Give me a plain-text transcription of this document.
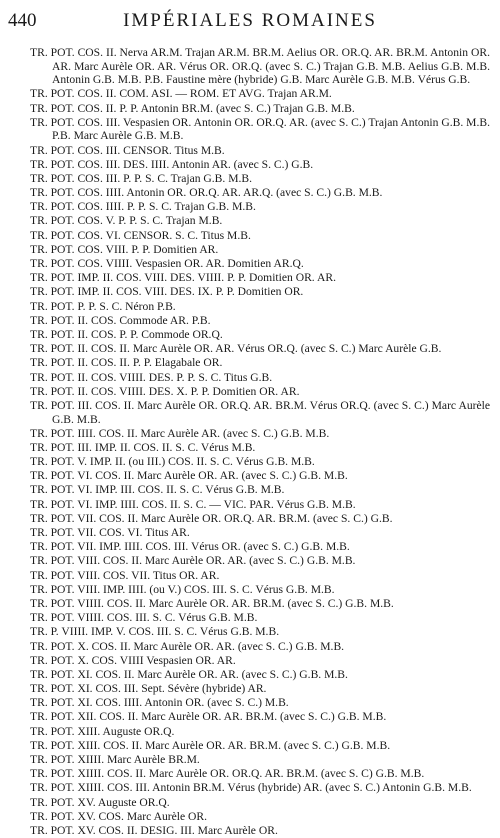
440	IMPÉRIALES ROMAINES

TR. POT. COS. II. Nerva AR.M. Trajan AR.M. BR.M. Aelius OR. OR.Q. AR. BR.M. Antonin OR. AR. Marc Aurèle OR. AR. Vérus OR. OR.Q. (avec S. C.) Trajan G.B. M.B. Aelius G.B. M.B. Antonin G.B. M.B. P.B. Faustine mère (hybride) G.B. Marc Aurèle G.B. M.B. Vérus G.B.

TR. POT. COS. II. COM. ASI. — ROM. ET AVG. Trajan AR.M.

TR. POT. COS. II. P. P. Antonin BR.M. (avec S. C.) Trajan G.B. M.B.

TR. POT. COS. III. Vespasien OR. Antonin OR. OR.Q. AR. (avec S. C.) Trajan Antonin G.B. M.B. P.B. Marc Aurèle G.B. M.B.

TR. POT. COS. III. CENSOR. Titus M.B.

TR. POT. COS. III. DES. IIII. Antonin AR. (avec S. C.) G.B.

TR. POT. COS. III. P. P. S. C. Trajan G.B. M.B.

TR. POT. COS. IIII. Antonin OR. OR.Q. AR. AR.Q. (avec S. C.) G.B. M.B.

TR. POT. COS. IIII. P. P. S. C. Trajan G.B. M.B.

TR. POT. COS. V. P. P. S. C. Trajan M.B.

TR. POT. COS. VI. CENSOR. S. C. Titus M.B.

TR. POT. COS. VIII. P. P. Domitien AR.

TR. POT. COS. VIIII. Vespasien OR. AR. Domitien AR.Q.

TR. POT. IMP. II. COS. VIII. DES. VIIII. P. P. Domitien OR. AR.

TR. POT. IMP. II. COS. VIII. DES. IX. P. P. Domitien OR.

TR. POT. P. P. S. C. Néron P.B.

TR. POT. II. COS. Commode AR. P.B.

TR. POT. II. COS. P. P. Commode OR.Q.

TR. POT. II. COS. II. Marc Aurèle OR. AR. Vérus OR.Q. (avec S. C.) Marc Aurèle G.B.

TR. POT. II. COS. II. P. P. Elagabale OR.

TR. POT. II. COS. VIIII. DES. P. P. S. C. Titus G.B.

TR. POT. II. COS. VIIII. DES. X. P. P. Domitien OR. AR.

TR. POT. III. COS. II. Marc Aurèle OR. OR.Q. AR. BR.M. Vérus OR.Q. (avec S. C.) Marc Aurèle G.B. M.B.

TR. POT. IIII. COS. II. Marc Aurèle AR. (avec S. C.) G.B. M.B.

TR. POT. III. IMP. II. COS. II. S. C. Vérus M.B.

TR. POT. V. IMP. II. (ou III.) COS. II. S. C. Vérus G.B. M.B.

TR. POT. VI. COS. II. Marc Aurèle OR. AR. (avec S. C.) G.B. M.B.

TR. POT. VI. IMP. III. COS. II. S. C. Vérus G.B. M.B.

TR. POT. VI. IMP. IIII. COS. II. S. C. — VIC. PAR. Vérus G.B. M.B.

TR. POT. VII. COS. II. Marc Aurèle OR. OR.Q. AR. BR.M. (avec S. C.) G.B.

TR. POT. VII. COS. VI. Titus AR.

TR. POT. VII. IMP. IIII. COS. III. Vérus OR. (avec S. C.) G.B. M.B.

TR. POT. VIII. COS. II. Marc Aurèle OR. AR. (avec S. C.) G.B. M.B.

TR. POT. VIII. COS. VII. Titus OR. AR.

TR. POT. VIII. IMP. IIII. (ou V.) COS. III. S. C. Vérus G.B. M.B.

TR. POT. VIIII. COS. II. Marc Aurèle OR. AR. BR.M. (avec S. C.) G.B. M.B.

TR. POT. VIIII. COS. III. S. C. Vérus G.B. M.B.

TR. P. VIIII. IMP. V. COS. III. S. C. Vérus G.B. M.B.

TR. POT. X. COS. II. Marc Aurèle OR. AR. (avec S. C.) G.B. M.B.

TR. POT. X. COS. VIIII Vespasien OR. AR.

TR. POT. XI. COS. II. Marc Aurèle OR. AR. (avec S. C.) G.B. M.B.

TR. POT. XI. COS. III. Sept. Sévère (hybride) AR.

TR. POT. XI. COS. IIII. Antonin OR. (avec S. C.) M.B.

TR. POT. XII. COS. II. Marc Aurèle OR. AR. BR.M. (avec S. C.) G.B. M.B.

TR. POT. XIII. Auguste OR.Q.

TR. POT. XIII. COS. II. Marc Aurèle OR. AR. BR.M. (avec S. C.) G.B. M.B.

TR. POT. XIIII. Marc Aurèle BR.M.

TR. POT. XIIII. COS. II. Marc Aurèle OR. OR.Q. AR. BR.M. (avec S. C) G.B. M.B.

TR. POT. XIIII. COS. III. Antonin BR.M. Vérus (hybride) AR. (avec S. C.) Antonin G.B. M.B.

TR. POT. XV. Auguste OR.Q.

TR. POT. XV. COS. Marc Aurèle OR.

TR. POT. XV. COS. II. DESIG. III. Marc Aurèle OR.
